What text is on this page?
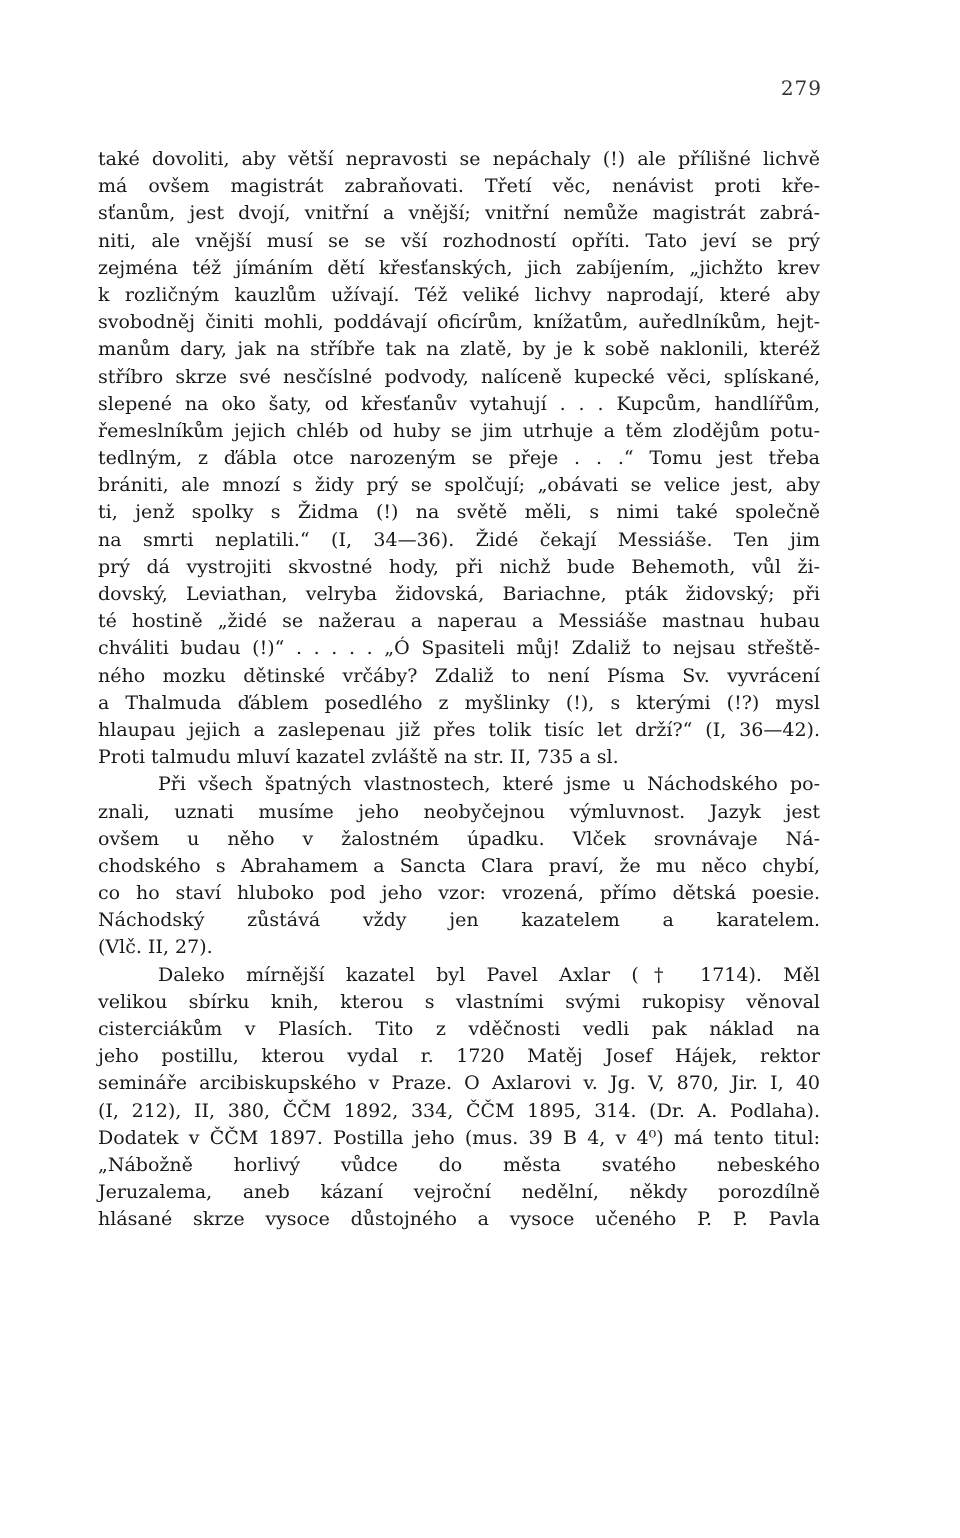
279
také dovoliti, aby větší nepravosti se nepáchaly (!) ale přílišné lichvě
má ovšem magistrát zabraňovati. Třetí věc, nenávist proti kře-
sťanům, jest dvojí, vnitřní a vnější; vnitřní nemůže magistrát zabrá-
niti, ale vnější musí se se vší rozhodností opříti. Tato jeví se prý
zejména též jímáním dětí křesťanských, jich zabíjením, „jichžto krev
k rozličným kauzlům užívají. Též veliké lichvy naprodají, které aby
svobodněj činiti mohli, poddávají oficírům, knížatům, auředlníkům, hejt-
manům dary, jak na stříbře tak na zlatě, by je k sobě naklonili, kteréž
stříbro skrze své nesčíslné podvody, nalíceně kupecké věci, splískané,
slepené na oko šaty, od křesťanův vytahují . . . Kupcům, handlířům,
řemeslníkům jejich chléb od huby se jim utrhuje a těm zlodějům potu-
tedlným, z ďábla otce narozeným se přeje . . .“ Tomu jest třeba
brániti, ale mnozí s židy prý se spolčují; „obávati se velice jest, aby
ti, jenž spolky s Židma (!) na světě měli, s nimi také společně
na smrti neplatili.“ (I, 34—36). Židé čekají Messiáše. Ten jim
prý dá vystrojiti skvostné hody, při nichž bude Behemoth, vůl ži-
dovský, Leviathan, velryba židovská, Bariachne, pták židovský; při
té hostině „židé se nažerau a naperau a Messiáše mastnau hubau
chváliti budau (!)“ . . . . . „Ó Spasiteli můj! Zdaliž to nejsau střeště-
ného mozku dětinské vrčáby? Zdaliž to není Písma Sv. vyvrácení
a Thalmuda ďáblem posedlého z myšlinky (!), s kterými (!?) mysl
hlaupau jejich a zaslepenau již přes tolik tisíc let drží?“ (I, 36—42).
Proti talmudu mluví kazatel zvláště na str. II, 735 a sl.
Při všech špatných vlastnostech, které jsme u Náchodského po-
znali, uznati musíme jeho neobyčejnou výmluvnost. Jazyk jest
ovšem u něho v žalostném úpadku. Vlček srovnávaje Ná-
chodského s Abrahamem a Sancta Clara praví, že mu něco chybí,
co ho staví hluboko pod jeho vzor: vrozená, přímo dětská poesie.
Náchodský zůstává vždy jen kazatelem a karatelem.
(Vlč. II, 27).
Daleko mírnější kazatel byl Pavel Axlar († 1714). Měl
velikou sbírku knih, kterou s vlastními svými rukopisy věnoval
cisterciákům v Plasích. Tito z vděčnosti vedli pak náklad na
jeho postillu, kterou vydal r. 1720 Matěj Josef Hájek, rektor
semináře arcibiskupského v Praze. O Axlarovi v. Jg. V, 870, Jir. I, 40
(I, 212), II, 380, ČČM 1892, 334, ČČM 1895, 314. (Dr. A. Podlaha).
Dodatek v ČČM 1897. Postilla jeho (mus. 39 B 4, v 4⁰) má tento titul:
„Nábožně horlivý vůdce do města svatého nebeského
Jeruzalema, aneb kázaní vejroční nedělní, někdy porozdílně
hlásané skrze vysoce důstojného a vysoce učeného P. P. Pavla
